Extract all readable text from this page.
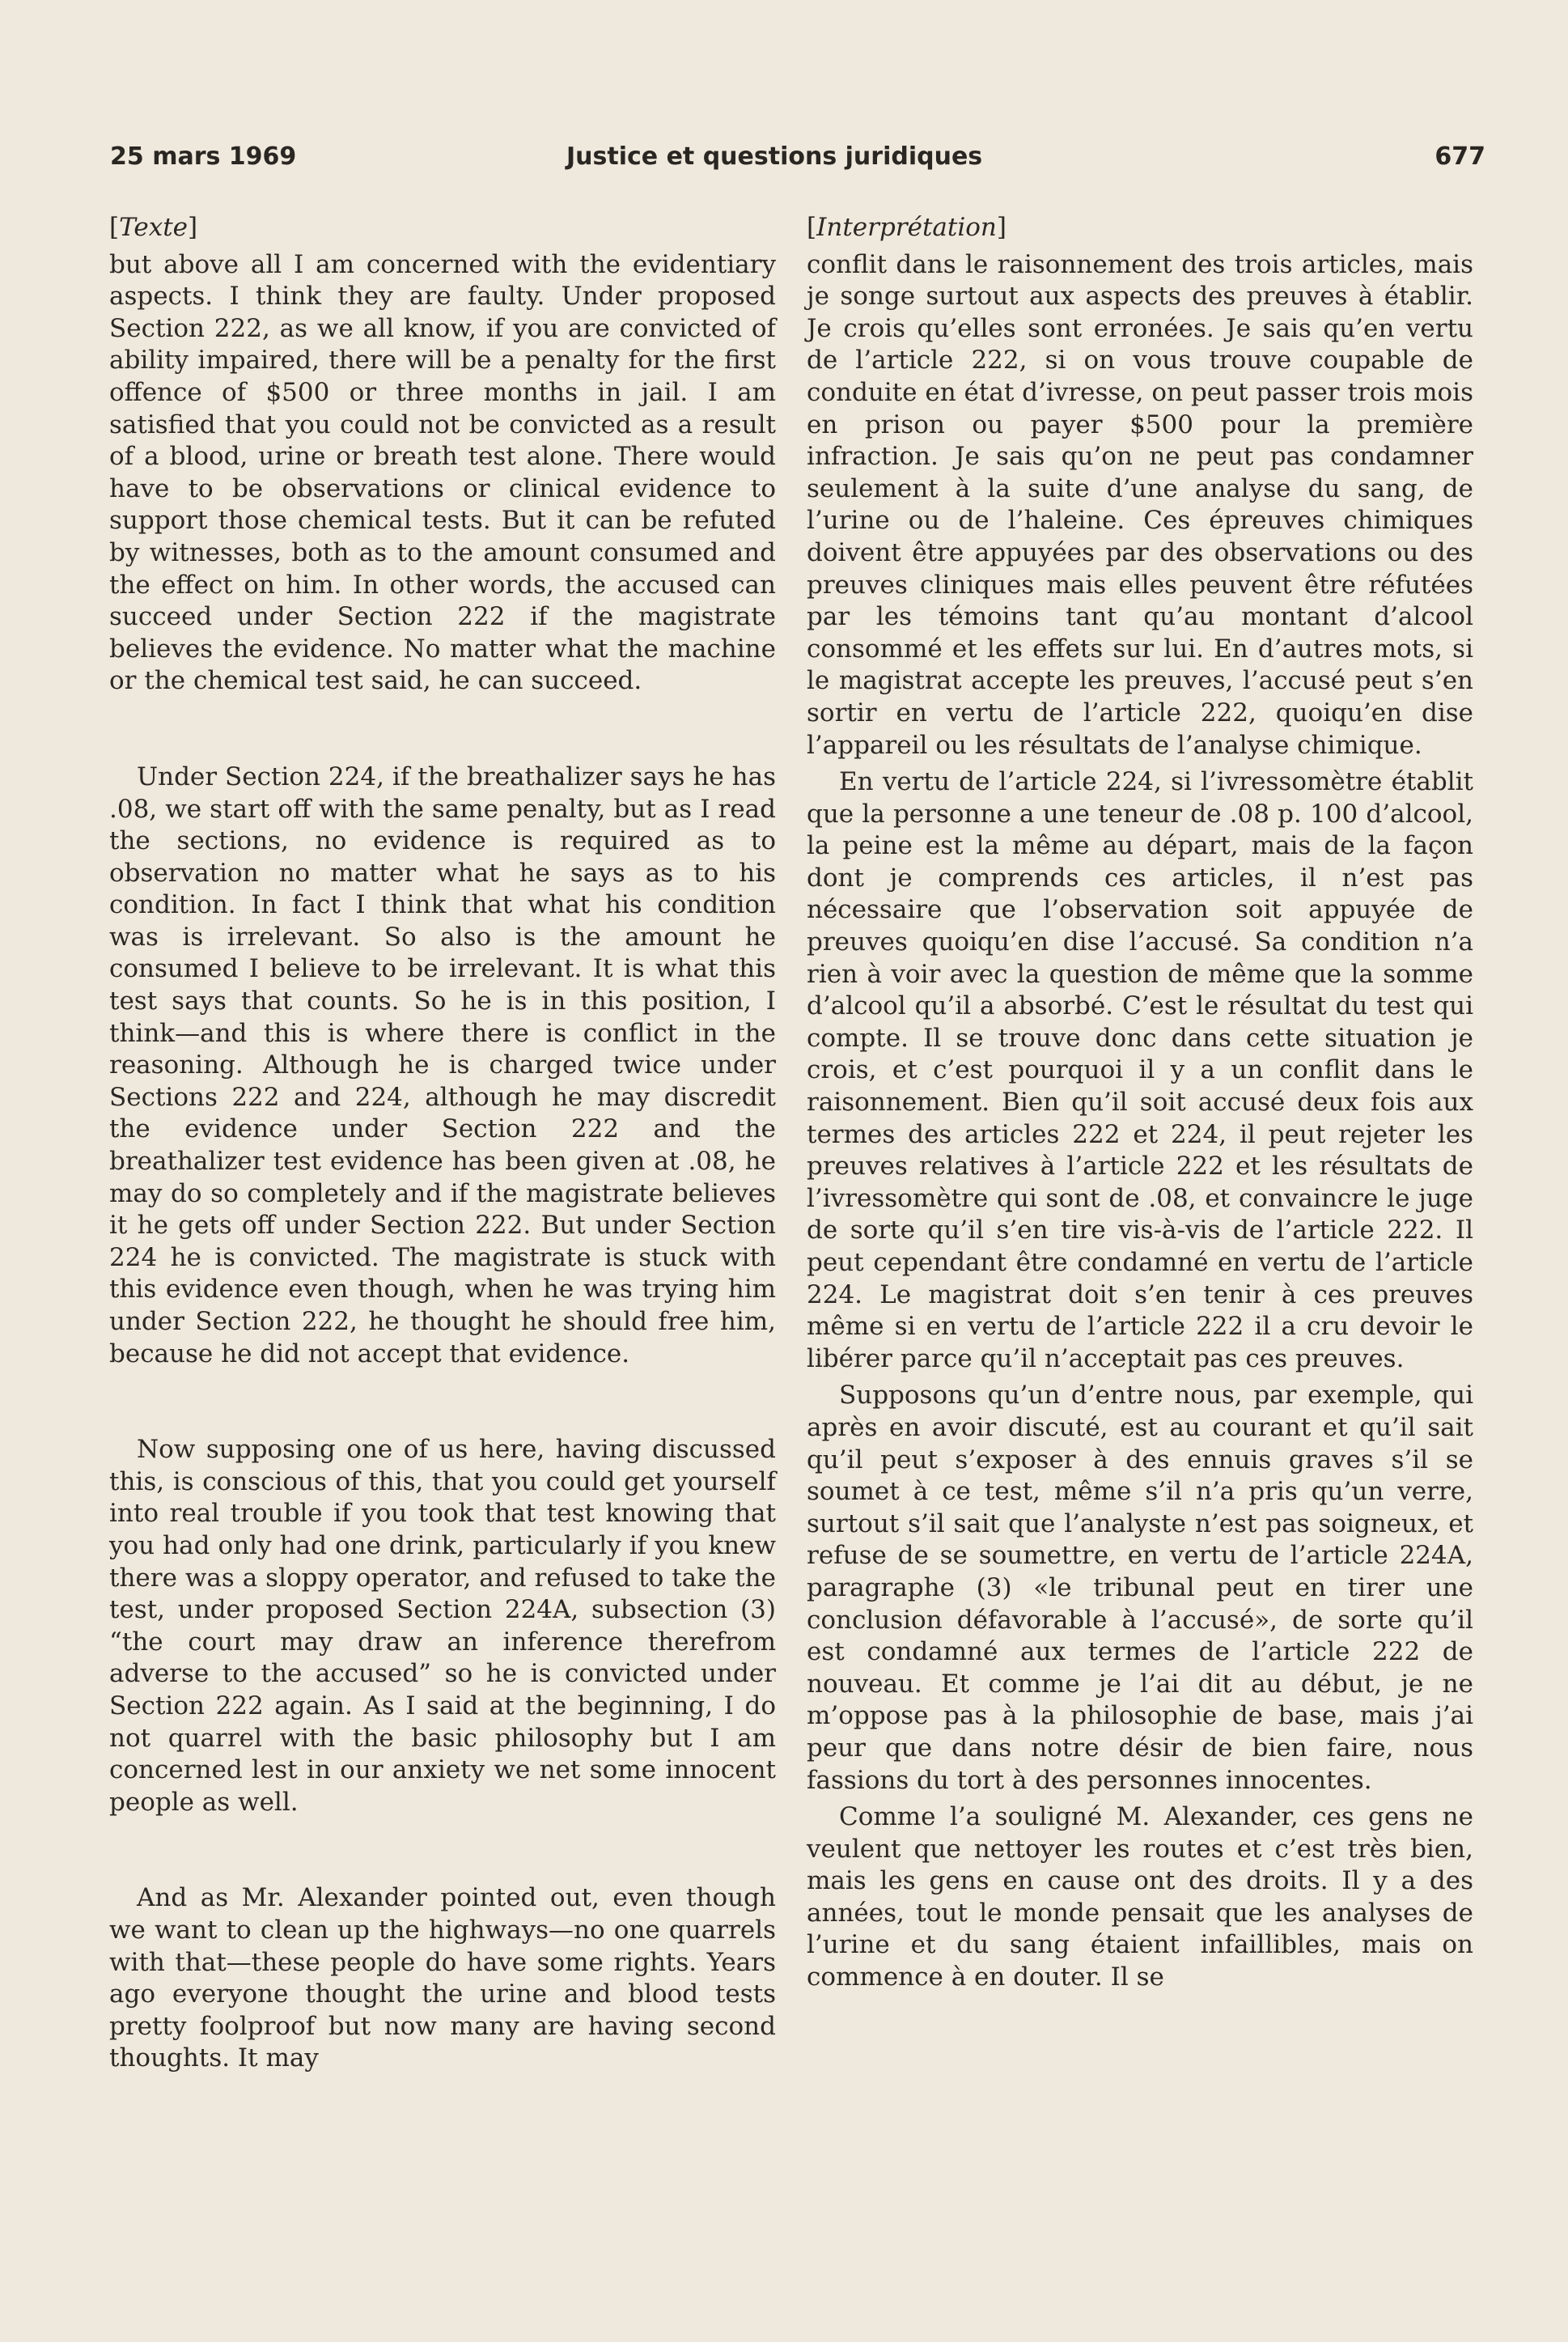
25 mars 1969	Justice et questions juridiques	677
[Texte]

but above all I am concerned with the evidentiary aspects. I think they are faulty. Under proposed Section 222, as we all know, if you are convicted of ability impaired, there will be a penalty for the first offence of $500 or three months in jail. I am satisfied that you could not be convicted as a result of a blood, urine or breath test alone. There would have to be observations or clinical evidence to support those chemical tests. But it can be refuted by witnesses, both as to the amount consumed and the effect on him. In other words, the accused can succeed under Section 222 if the magistrate believes the evidence. No matter what the machine or the chemical test said, he can succeed.

Under Section 224, if the breathalizer says he has .08, we start off with the same penalty, but as I read the sections, no evidence is required as to observation no matter what he says as to his condition. In fact I think that what his condition was is irrelevant. So also is the amount he consumed I believe to be irrelevant. It is what this test says that counts. So he is in this position, I think—and this is where there is conflict in the reasoning. Although he is charged twice under Sections 222 and 224, although he may discredit the evidence under Section 222 and the breathalizer test evidence has been given at .08, he may do so completely and if the magistrate believes it he gets off under Section 222. But under Section 224 he is convicted. The magistrate is stuck with this evidence even though, when he was trying him under Section 222, he thought he should free him, because he did not accept that evidence.

Now supposing one of us here, having discussed this, is conscious of this, that you could get yourself into real trouble if you took that test knowing that you had only had one drink, particularly if you knew there was a sloppy operator, and refused to take the test, under proposed Section 224A, subsection (3) “the court may draw an inference therefrom adverse to the accused” so he is convicted under Section 222 again. As I said at the beginning, I do not quarrel with the basic philosophy but I am concerned lest in our anxiety we net some innocent people as well.

And as Mr. Alexander pointed out, even though we want to clean up the highways—no one quarrels with that—these people do have some rights. Years ago everyone thought the urine and blood tests pretty foolproof but now many are having second thoughts. It may

[Interprétation]

conflit dans le raisonnement des trois articles, mais je songe surtout aux aspects des preuves à établir. Je crois qu’elles sont erronées. Je sais qu’en vertu de l’article 222, si on vous trouve coupable de conduite en état d’ivresse, on peut passer trois mois en prison ou payer $500 pour la première infraction. Je sais qu’on ne peut pas condamner seulement à la suite d’une analyse du sang, de l’urine ou de l’haleine. Ces épreuves chimiques doivent être appuyées par des observations ou des preuves cliniques mais elles peuvent être réfutées par les témoins tant qu’au montant d’alcool consommé et les effets sur lui. En d’autres mots, si le magistrat accepte les preuves, l’accusé peut s’en sortir en vertu de l’article 222, quoiqu’en dise l’appareil ou les résultats de l’analyse chimique.

En vertu de l’article 224, si l’ivressomètre établit que la personne a une teneur de .08 p. 100 d’alcool, la peine est la même au départ, mais de la façon dont je comprends ces articles, il n’est pas nécessaire que l’observation soit appuyée de preuves quoiqu’en dise l’accusé. Sa condition n’a rien à voir avec la question de même que la somme d’alcool qu’il a absorbé. C’est le résultat du test qui compte. Il se trouve donc dans cette situation je crois, et c’est pourquoi il y a un conflit dans le raisonnement. Bien qu’il soit accusé deux fois aux termes des articles 222 et 224, il peut rejeter les preuves relatives à l’article 222 et les résultats de l’ivressomètre qui sont de .08, et convaincre le juge de sorte qu’il s’en tire vis-à-vis de l’article 222. Il peut cependant être condamné en vertu de l’article 224. Le magistrat doit s’en tenir à ces preuves même si en vertu de l’article 222 il a cru devoir le libérer parce qu’il n’acceptait pas ces preuves.

Supposons qu’un d’entre nous, par exemple, qui après en avoir discuté, est au courant et qu’il sait qu’il peut s’exposer à des ennuis graves s’il se soumet à ce test, même s’il n’a pris qu’un verre, surtout s’il sait que l’analyste n’est pas soigneux, et refuse de se soumettre, en vertu de l’article 224A, paragraphe (3) «le tribunal peut en tirer une conclusion défavorable à l’accusé», de sorte qu’il est condamné aux termes de l’article 222 de nouveau. Et comme je l’ai dit au début, je ne m’oppose pas à la philosophie de base, mais j’ai peur que dans notre désir de bien faire, nous fassions du tort à des personnes innocentes.

Comme l’a souligné M. Alexander, ces gens ne veulent que nettoyer les routes et c’est très bien, mais les gens en cause ont des droits. Il y a des années, tout le monde pensait que les analyses de l’urine et du sang étaient infaillibles, mais on commence à en douter. Il se
